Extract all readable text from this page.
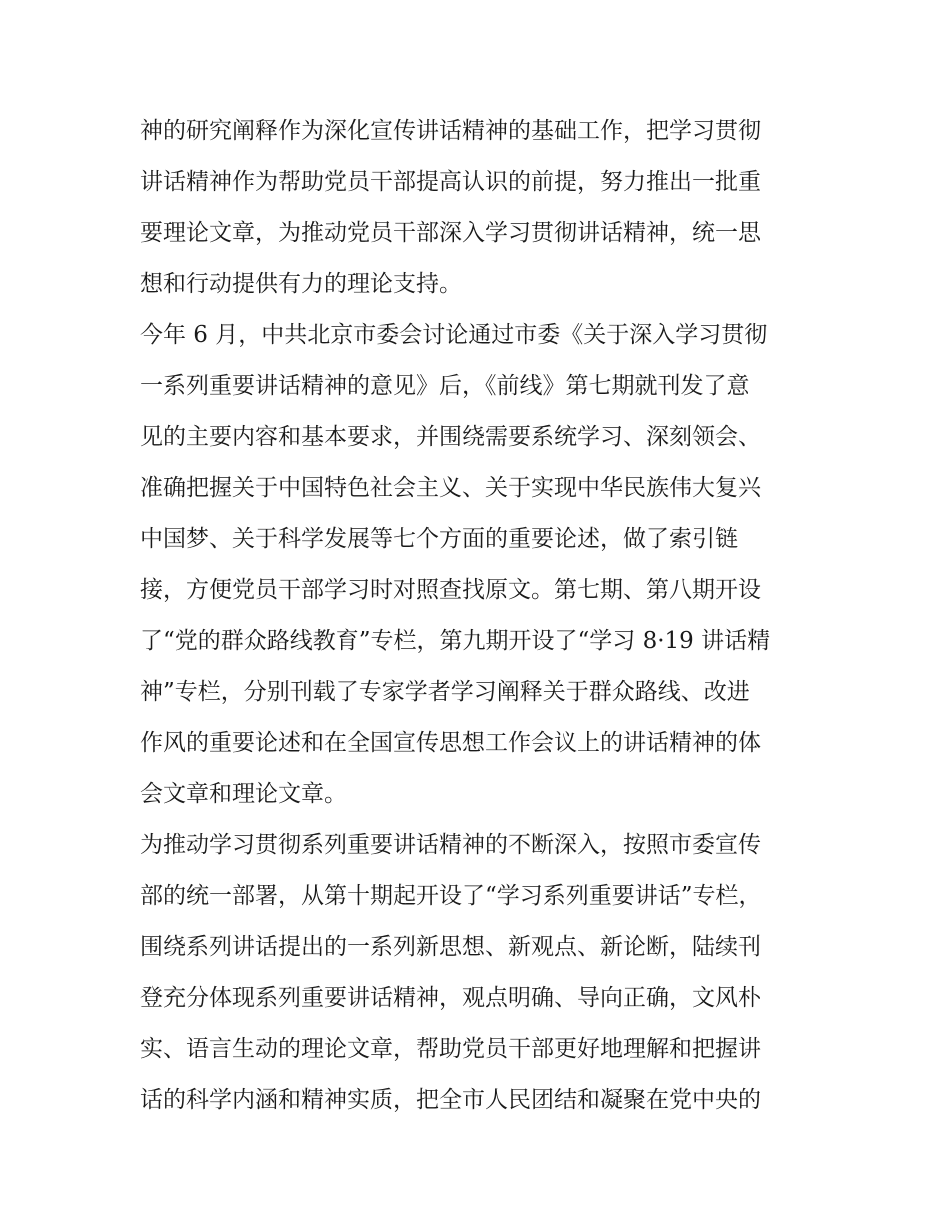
神的研究阐释作为深化宣传讲话精神的基础工作，把学习贯彻
讲话精神作为帮助党员干部提高认识的前提，努力推出一批重
要理论文章，为推动党员干部深入学习贯彻讲话精神，统一思
想和行动提供有力的理论支持。
今年 6 月，中共北京市委会讨论通过市委《关于深入学习贯彻
一系列重要讲话精神的意见》后，《前线》第七期就刊发了意
见的主要内容和基本要求，并围绕需要系统学习、深刻领会、
准确把握关于中国特色社会主义、关于实现中华民族伟大复兴
中国梦、关于科学发展等七个方面的重要论述，做了索引链
接，方便党员干部学习时对照查找原文。第七期、第八期开设
了“党的群众路线教育”专栏，第九期开设了“学习 8·19 讲话精
神”专栏，分别刊载了专家学者学习阐释关于群众路线、改进
作风的重要论述和在全国宣传思想工作会议上的讲话精神的体
会文章和理论文章。
为推动学习贯彻系列重要讲话精神的不断深入，按照市委宣传
部的统一部署，从第十期起开设了“学习系列重要讲话”专栏，
围绕系列讲话提出的一系列新思想、新观点、新论断，陆续刊
登充分体现系列重要讲话精神，观点明确、导向正确，文风朴
实、语言生动的理论文章，帮助党员干部更好地理解和把握讲
话的科学内涵和精神实质，把全市人民团结和凝聚在党中央的
